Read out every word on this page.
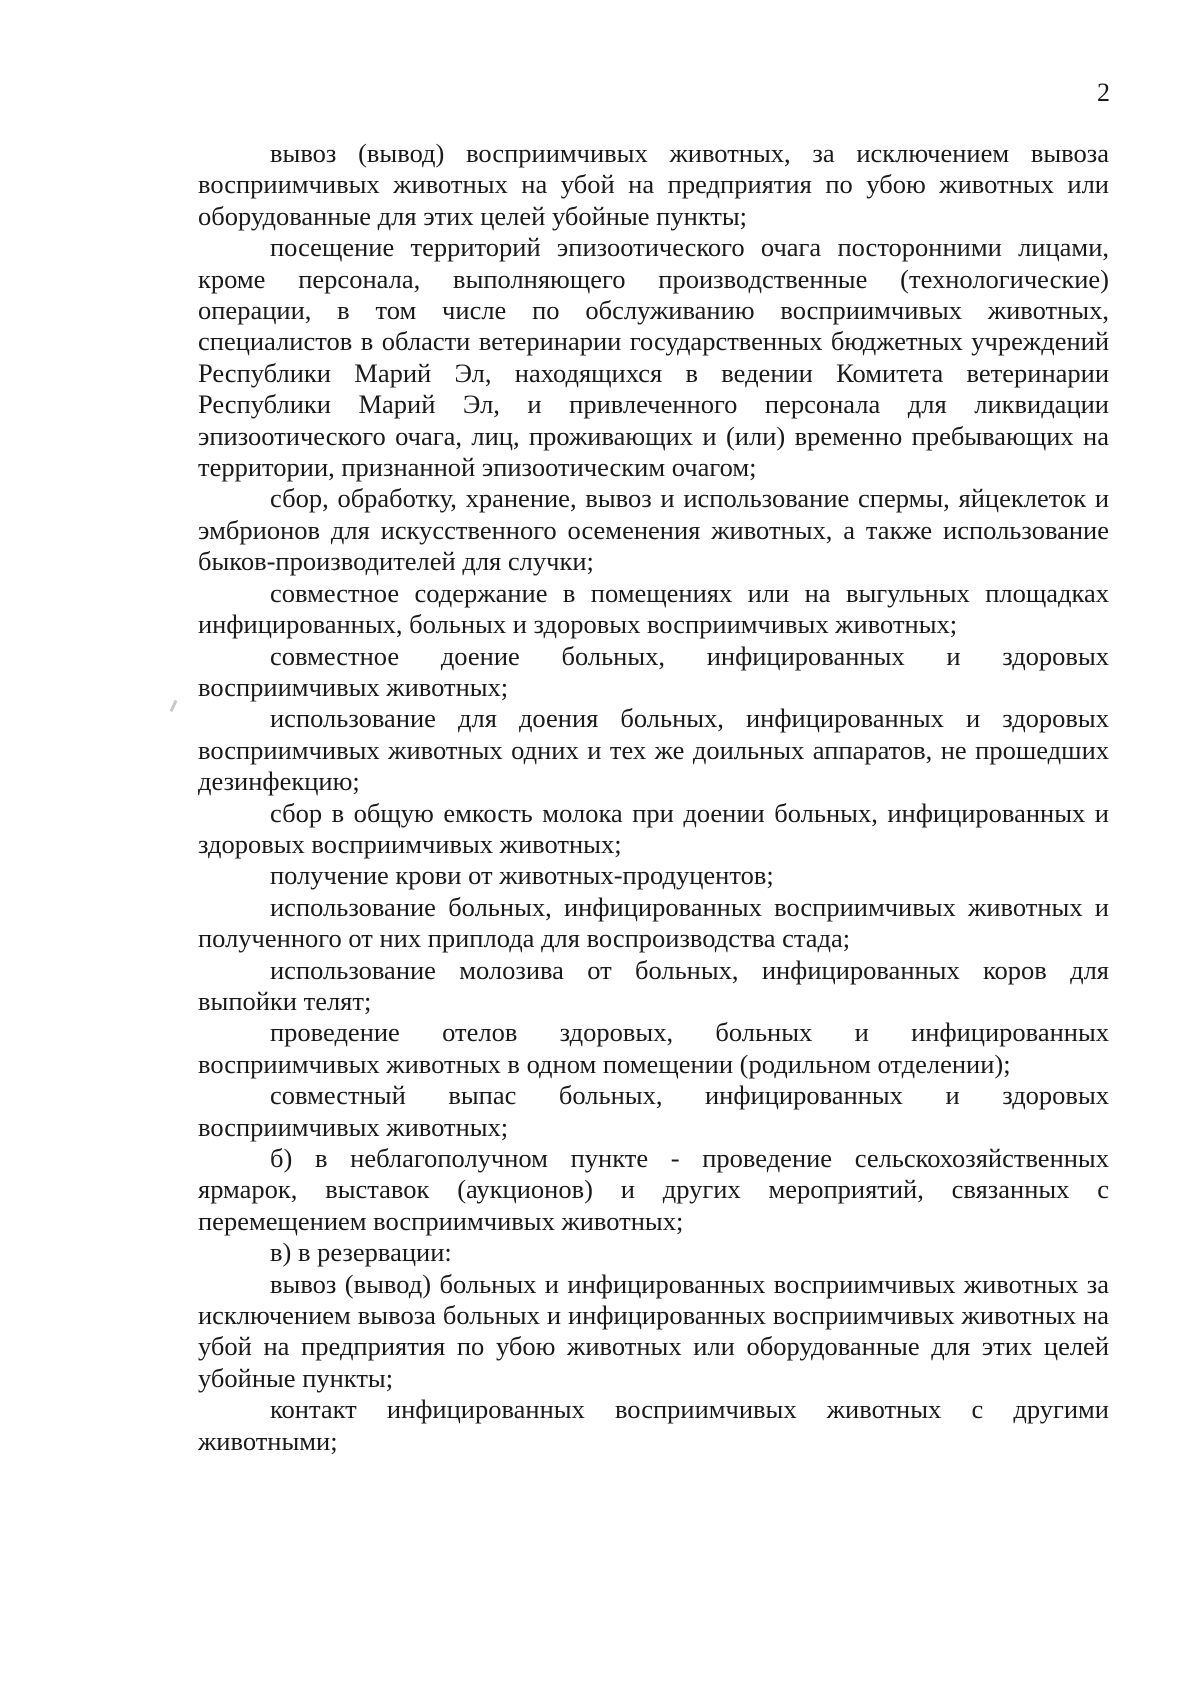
2

вывоз (вывод) восприимчивых животных, за исключением вывоза восприимчивых животных на убой на предприятия по убою животных или оборудованные для этих целей убойные пункты;

посещение территорий эпизоотического очага посторонними лицами, кроме персонала, выполняющего производственные (технологические) операции, в том числе по обслуживанию восприимчивых животных, специалистов в области ветеринарии государственных бюджетных учреждений Республики Марий Эл, находящихся в ведении Комитета ветеринарии Республики Марий Эл, и привлеченного персонала для ликвидации эпизоотического очага, лиц, проживающих и (или) временно пребывающих на территории, признанной эпизоотическим очагом;

сбор, обработку, хранение, вывоз и использование спермы, яйцеклеток и эмбрионов для искусственного осеменения животных, а также использование быков-производителей для случки;

совместное содержание в помещениях или на выгульных площадках инфицированных, больных и здоровых восприимчивых животных;

совместное доение больных, инфицированных и здоровых восприимчивых животных;

использование для доения больных, инфицированных и здоровых восприимчивых животных одних и тех же доильных аппаратов, не прошедших дезинфекцию;

сбор в общую емкость молока при доении больных, инфицированных и здоровых восприимчивых животных;

получение крови от животных-продуцентов;

использование больных, инфицированных восприимчивых животных и полученного от них приплода для воспроизводства стада;

использование молозива от больных, инфицированных коров для выпойки телят;

проведение отелов здоровых, больных и инфицированных восприимчивых животных в одном помещении (родильном отделении);

совместный выпас больных, инфицированных и здоровых восприимчивых животных;

б) в неблагополучном пункте - проведение сельскохозяйственных ярмарок, выставок (аукционов) и других мероприятий, связанных с перемещением восприимчивых животных;

в) в резервации:

вывоз (вывод) больных и инфицированных восприимчивых животных за исключением вывоза больных и инфицированных восприимчивых животных на убой на предприятия по убою животных или оборудованные для этих целей убойные пункты;

контакт инфицированных восприимчивых животных с другими животными;
